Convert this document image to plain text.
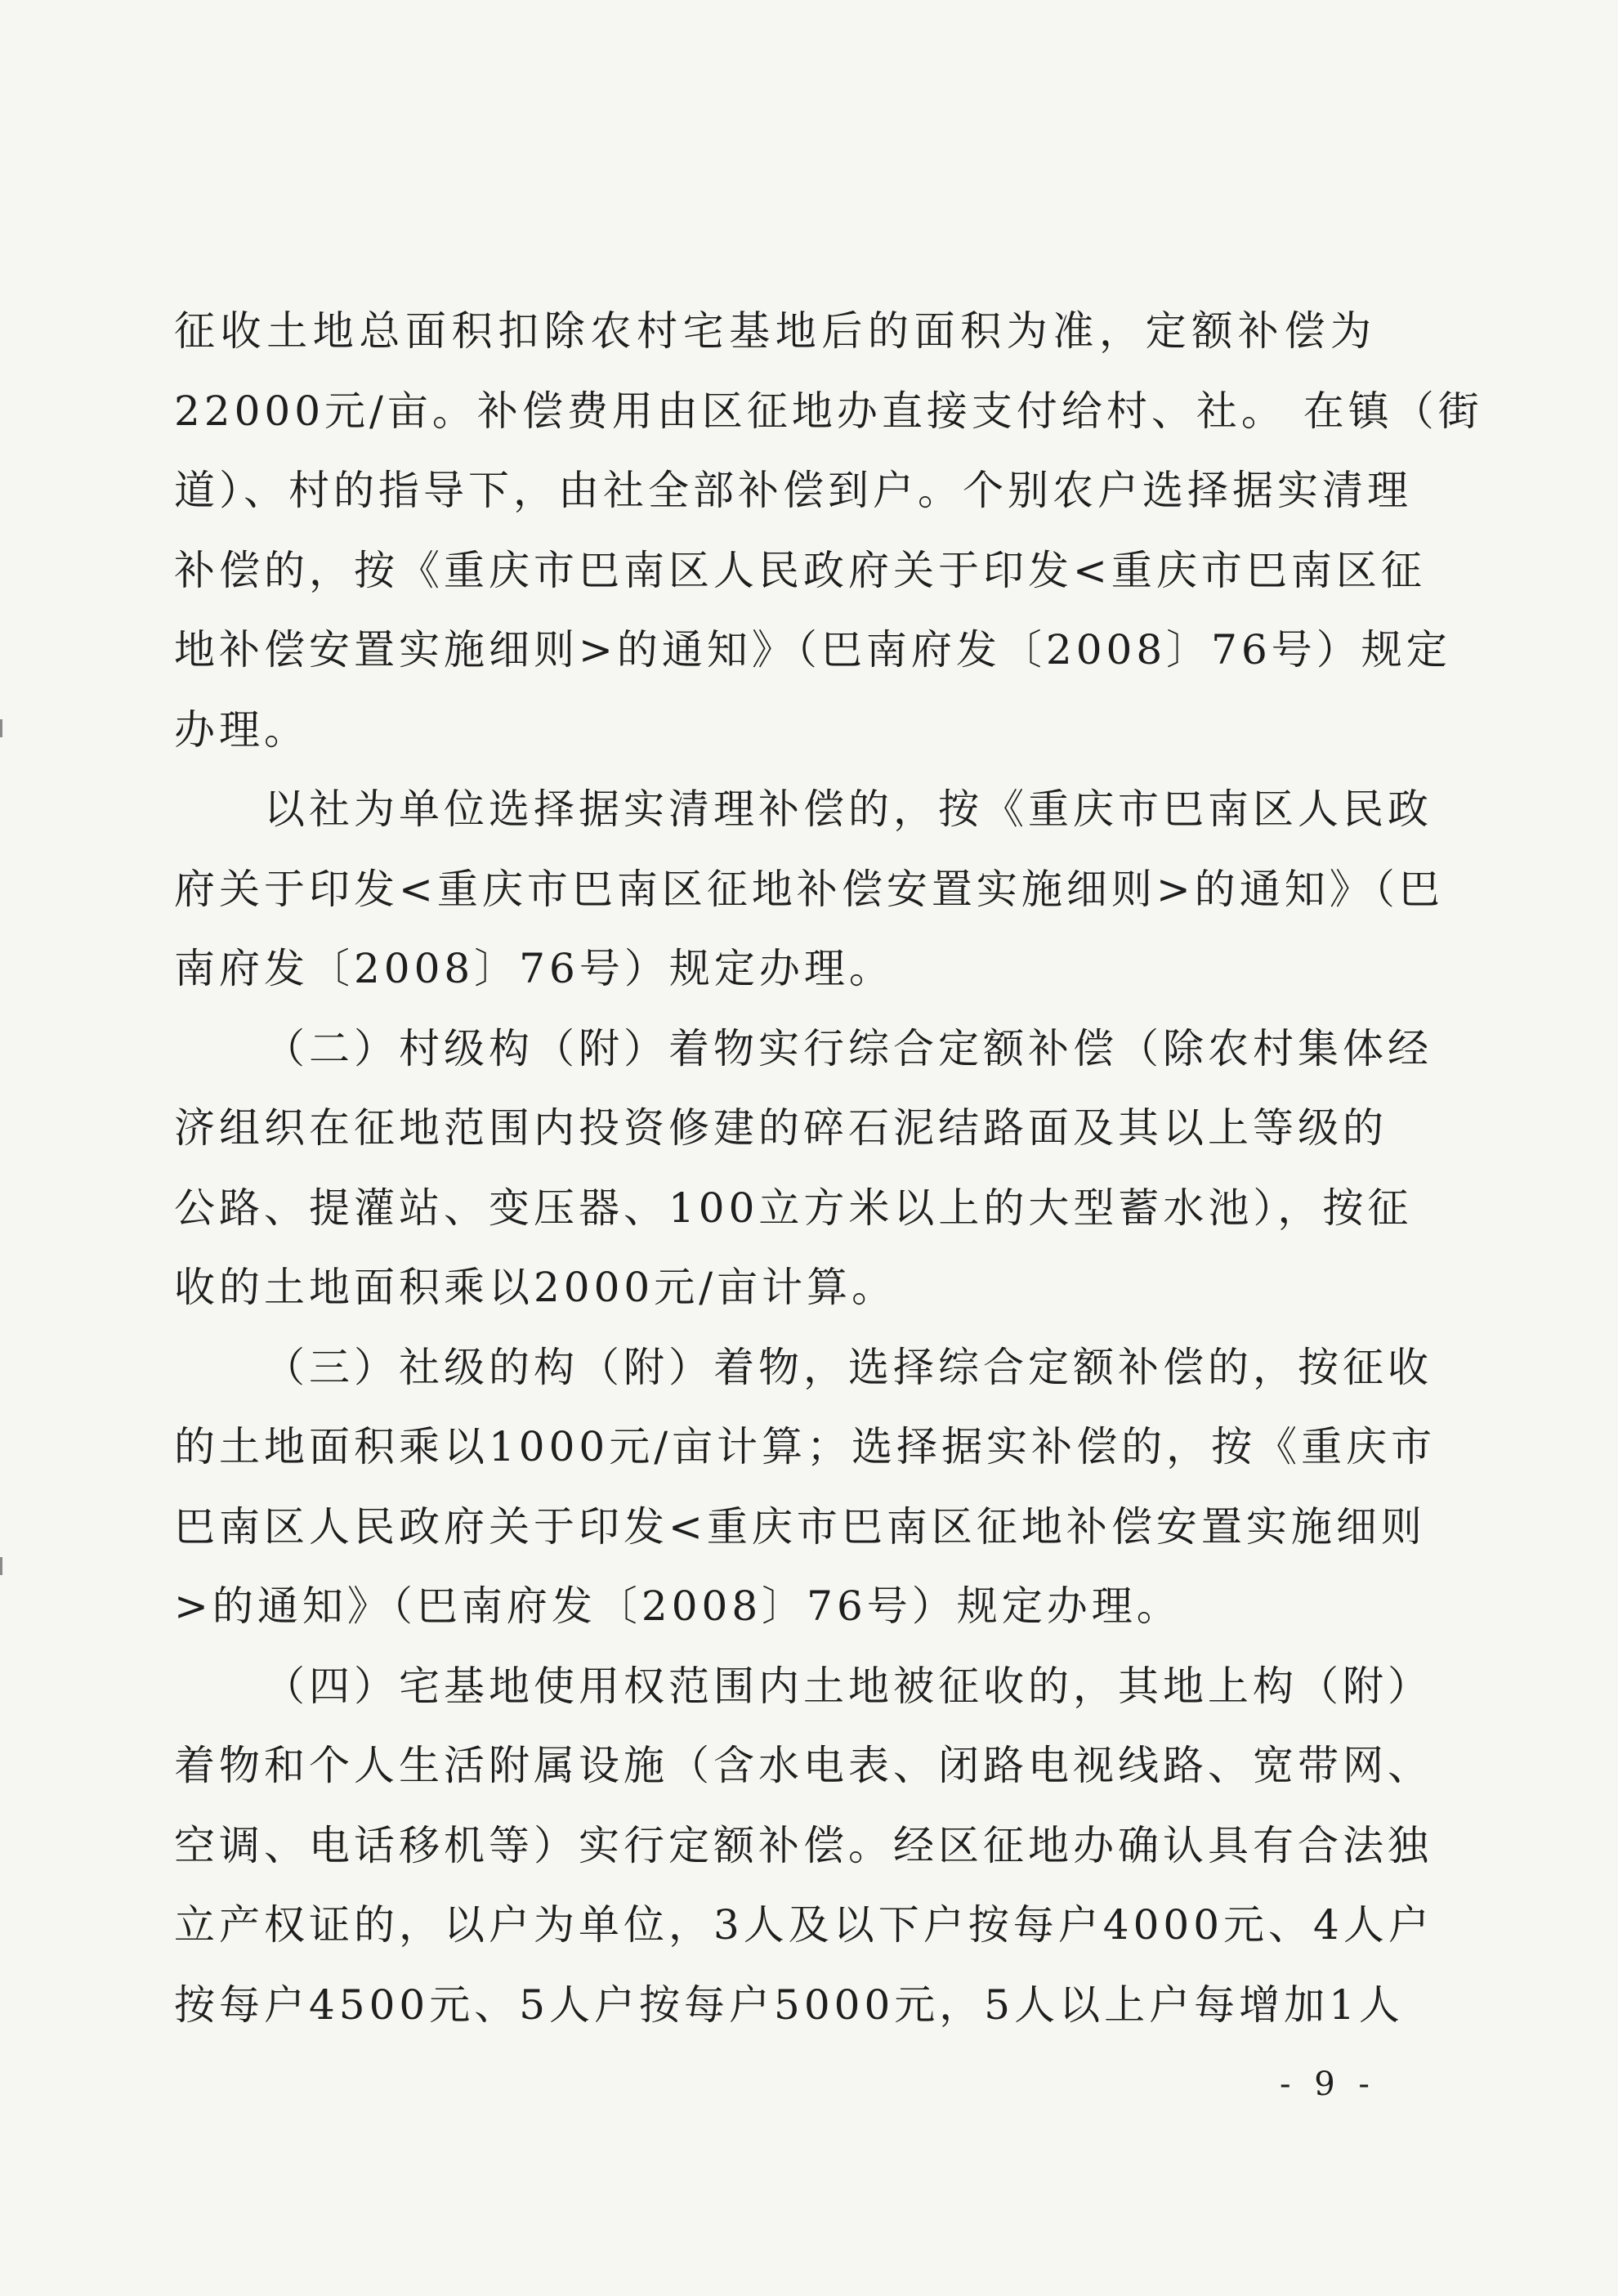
征收土地总面积扣除农村宅基地后的面积为准，定额补偿为
22000元/亩。补偿费用由区征地办直接支付给村、社。 在镇（街
道）、村的指导下，由社全部补偿到户。个别农户选择据实清理
补偿的，按《重庆市巴南区人民政府关于印发<重庆市巴南区征
地补偿安置实施细则>的通知》（巴南府发〔2008〕76号）规定
办理。
以社为单位选择据实清理补偿的，按《重庆市巴南区人民政
府关于印发<重庆市巴南区征地补偿安置实施细则>的通知》（巴
南府发〔2008〕76号）规定办理。
（二）村级构（附）着物实行综合定额补偿（除农村集体经
济组织在征地范围内投资修建的碎石泥结路面及其以上等级的
公路、提灌站、变压器、100立方米以上的大型蓄水池），按征
收的土地面积乘以2000元/亩计算。
（三）社级的构（附）着物，选择综合定额补偿的，按征收
的土地面积乘以1000元/亩计算；选择据实补偿的，按《重庆市
巴南区人民政府关于印发<重庆市巴南区征地补偿安置实施细则
>的通知》（巴南府发〔2008〕76号）规定办理。
（四）宅基地使用权范围内土地被征收的，其地上构（附）
着物和个人生活附属设施（含水电表、闭路电视线路、宽带网、
空调、电话移机等）实行定额补偿。经区征地办确认具有合法独
立产权证的，以户为单位，3人及以下户按每户4000元、4人户
按每户4500元、5人户按每户5000元，5人以上户每增加1人
- 9 -
